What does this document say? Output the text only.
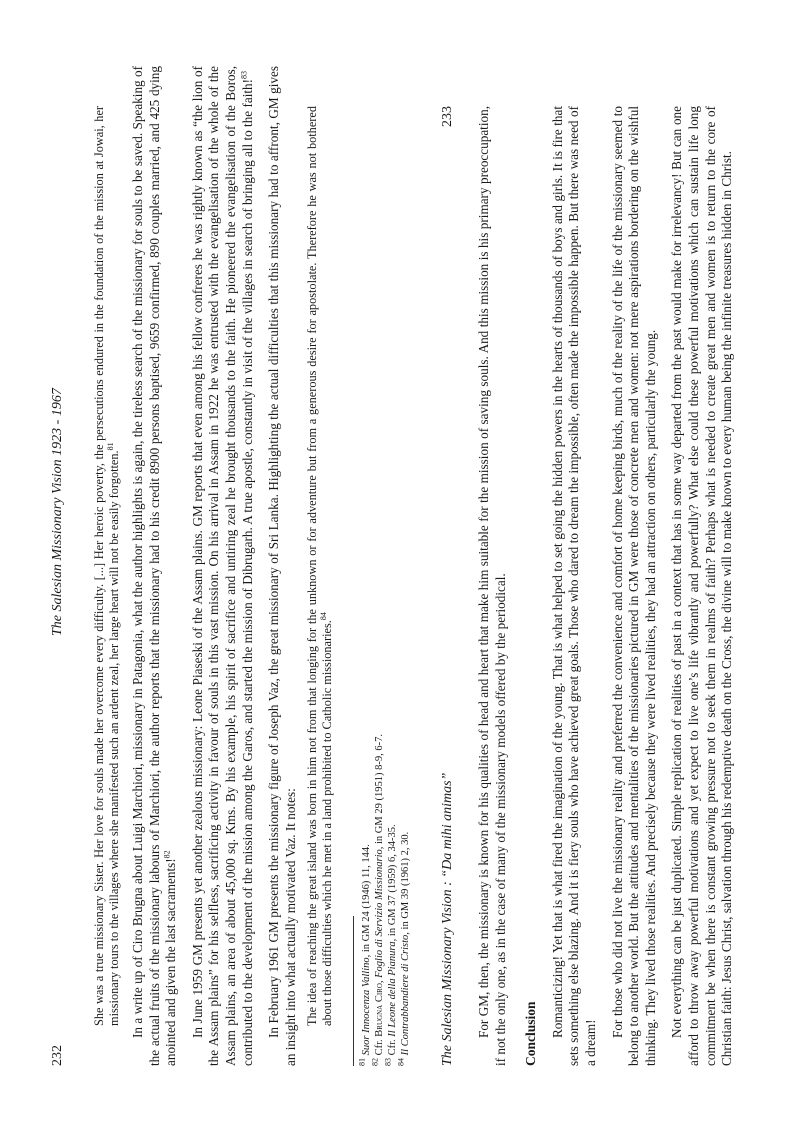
232
The Salesian Missionary Vision 1923 - 1967 She was a true missionary Sister. Her love for souls made her overcome every difficulty. [...] Her heroic poverty, the persecutions endured in the foundation of the mission at Jowai, her missionary tours to the villages where she manifested such an ardent zeal, her large heart will not be easily forgotten.$^{81}$	In a write up of Ciro Brugna about Luigi Marchiori, missionary in Patagonia, what the author highlights is again, the tireless search of the missionary for souls to be saved. Speaking of the actual fruits of the missionary labours of Marchiori, the author reports that the missionary had to his credit 8900 persons baptised, 9659 confirmed, 890 couples married, and 425 dying anointed and given the last sacraments!$^{82}$	In June 1959 GM presents yet another zealous missionary: Leone Piaseski of the Assam plains. GM reports that even among his fellow confreres he was rightly known as “the lion of the Assam plains” for his selfless, sacrificing activity in favour of souls in this vast mission. On his arrival in Assam in 1922 he was entrusted with the evangelisation of the whole of the Assam plains, an area of about 45,000 sq. Kms. By his example, his spirit of sacrifice and untiring zeal he brought thousands to the faith. He pioneered the evangelisation of the Boros, contributed to the development of the mission among the Garos, and started the mission of Dibrugarh. A true apostle, constantly in visit of the villages in search of bringing all to the faith!$^{83}$	In February 1961 GM presents the missionary figure of Joseph Vaz, the great missionary of Sri Lanka. Highlighting the actual difficulties that this missionary had to affront, GM gives an insight into what actually motivated Vaz. It notes: The idea of reaching the great island was born in him not from that longing for the unknown or for adventure but from a generous desire for apostolate. Therefore he was not bothered about those difficulties which he met in a land prohibited to Catholic missionaries.$^{84}$

$^{81}$ Suor Innocenza Vallino, in GM 24 (1946) 11, 144.
$^{82}$ Cfr. Brugna Ciro, Foglio di Servizio Missionario, in GM 29 (1951) 8-9, 6-7.
$^{83}$ Cfr. Il Leone della Pianura, in GM 37 (1959) 6, 34-35.
$^{84}$ Il Contrabbandiere di Cristo, in GM 39 (1961) 2, 30. The Salesian Missionary Vision : “Da mihi animas”
233 For GM, then, the missionary is known for his qualities of head and heart that make him suitable for the mission of saving souls. And this mission is his primary preoccupation, if not the only one, as in the case of many of the missionary models offered by the periodical. Conclusion Romanticizing! Yet that is what fired the imagination of the young. That is what helped to set going the hidden powers in the hearts of thousands of boys and girls. It is fire that sets something else blazing. And it is fiery souls who have achieved great goals. Those who dared to dream the impossible, often made the impossible happen. But there was need of a dream!

For those who did not live the missionary reality and preferred the convenience and comfort of home keeping birds, much of the reality of the life of the missionary seemed to belong to another world. But the attitudes and mentalities of the missionaries pictured in GM were those of concrete men and women: not mere aspirations bordering on the wishful thinking. They lived those realities. And precisely because they were lived realities, they had an attraction on others, particularly the young. Not everything can be just duplicated. Simple replication of realities of past in a context that has in some way departed from the past would make for irrelevancy! But can one afford to throw away powerful motivations and yet expect to live one’s life vibrantly and powerfully? What else could these powerful motivations which can sustain life long commitment be when there is constant growing pressure not to seek them in realms of faith? Perhaps what is needed to create great men and women is to return to the core of Christian faith: Jesus Christ, salvation through his redemptive death on the Cross, the divine will to make known to every human being the infinite treasures hidden in Christ.
